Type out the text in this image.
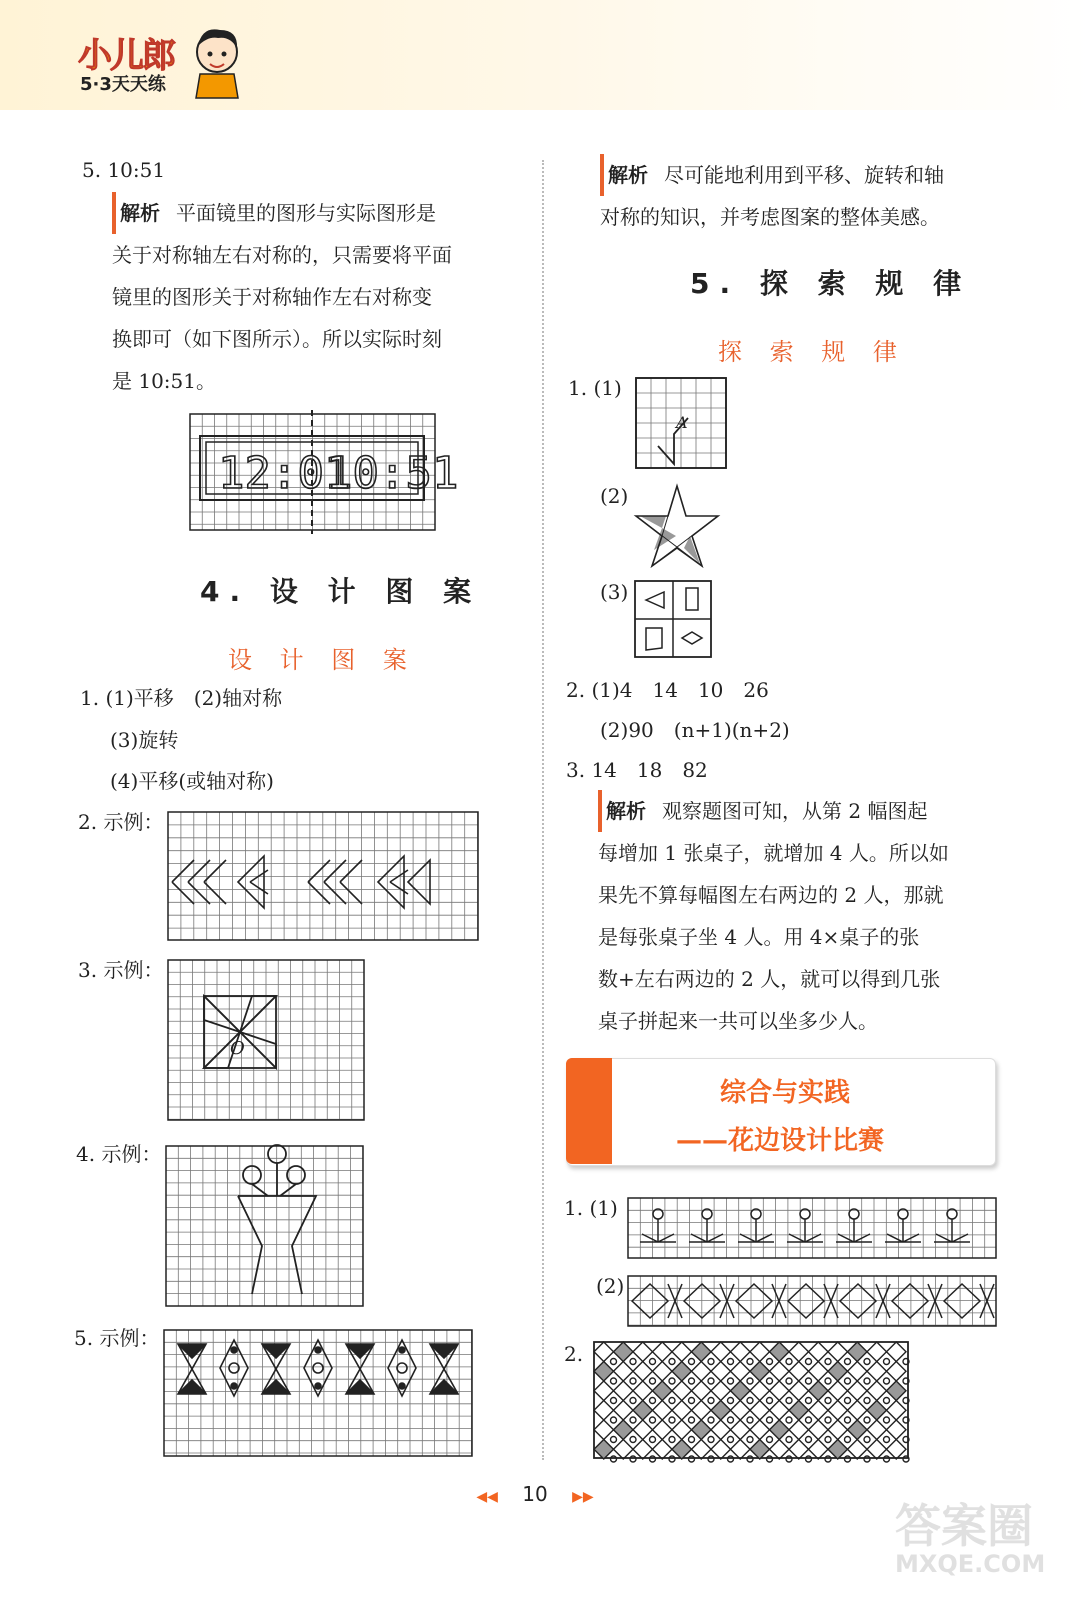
小儿郎
5·3天天练
5. 10:51
解析 平面镜里的图形与实际图形是
关于对称轴左右对称的，只需要将平面
镜里的图形关于对称轴作左右对称变
换即可（如下图所示）。所以实际时刻
是 10:51。
12:01
10:51
4. 设 计 图 案
设 计 图 案
1. (1)平移　(2)轴对称
(3)旋转
(4)平移(或轴对称)
2. 示例：
3. 示例：
O
4. 示例：
5. 示例：
解析 尽可能地利用到平移、旋转和轴
对称的知识，并考虑图案的整体美感。
5. 探 索 规 律
探 索 规 律
1. (1)
A
(2)
(3)
2. (1)4　14　10　26
(2)90　(n+1)(n+2)
3. 14　18　82
解析 观察题图可知，从第 2 幅图起
每增加 1 张桌子，就增加 4 人。所以如
果先不算每幅图左右两边的 2 人，那就
是每张桌子坐 4 人。用 4×桌子的张
数+左右两边的 2 人，就可以得到几张
桌子拼起来一共可以坐多少人。
综合与实践
——花边设计比赛
1. (1)
(2)
2.
◀◀ 10 ▶▶
答案圈
MXQE.COM
